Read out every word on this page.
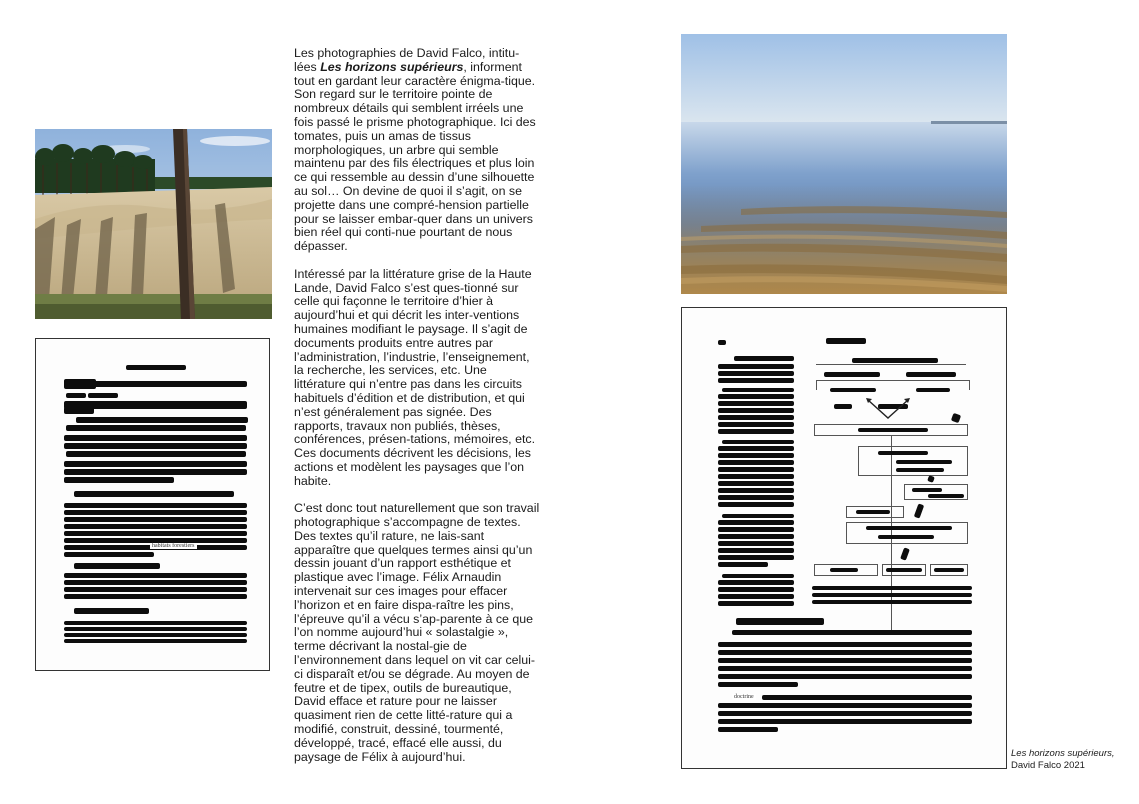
habitats forestiers

Les photographies de David Falco, intitu-lées Les horizons supérieurs, informent tout en gardant leur caractère énigma-tique. Son regard sur le territoire pointe de nombreux détails qui semblent irréels une fois passé le prisme photographique. Ici des tomates, puis un amas de tissus morphologiques, un arbre qui semble maintenu par des fils électriques et plus loin ce qui ressemble au dessin d’une silhouette au sol… On devine de quoi il s’agit, on se projette dans une compré-hension partielle pour se laisser embar-quer dans un univers bien réel qui conti-nue pourtant de nous dépasser.

Intéressé par la littérature grise de la Haute Lande, David Falco s’est ques-tionné sur celle qui façonne le territoire d’hier à aujourd’hui et qui décrit les inter-ventions humaines modifiant le paysage. Il s’agit de documents produits entre autres par l’administration, l’industrie, l’enseignement, la recherche, les services, etc. Une littérature qui n’entre pas dans les circuits habituels d’édition et de distribution, et qui n’est généralement pas signée. Des rapports, travaux non publiés, thèses, conférences, présen-tations, mémoires, etc. Ces documents décrivent les décisions, les actions et modèlent les paysages que l’on habite.

C’est donc tout naturellement que son travail photographique s’accompagne de textes. Des textes qu’il rature, ne lais-sant apparaître que quelques termes ainsi qu’un dessin jouant d’un rapport esthétique et plastique avec l’image. Félix Arnaudin intervenait sur ces images pour effacer l’horizon et en faire dispa-raître les pins, l’épreuve qu’il a vécu s’ap-parente à ce que l’on nomme aujourd’hui « solastalgie », terme décrivant la nostal-gie de l’environnement dans lequel on vit car celui-ci disparaît et/ou se dégrade. Au moyen de feutre et de tipex, outils de bureautique, David efface et rature pour ne laisser quasiment rien de cette litté-rature qui a modifié, construit, dessiné, tourmenté, développé, tracé, effacé elle aussi, du paysage de Félix à aujourd’hui.

doctrine
Les horizons supérieurs,
David Falco 2021
